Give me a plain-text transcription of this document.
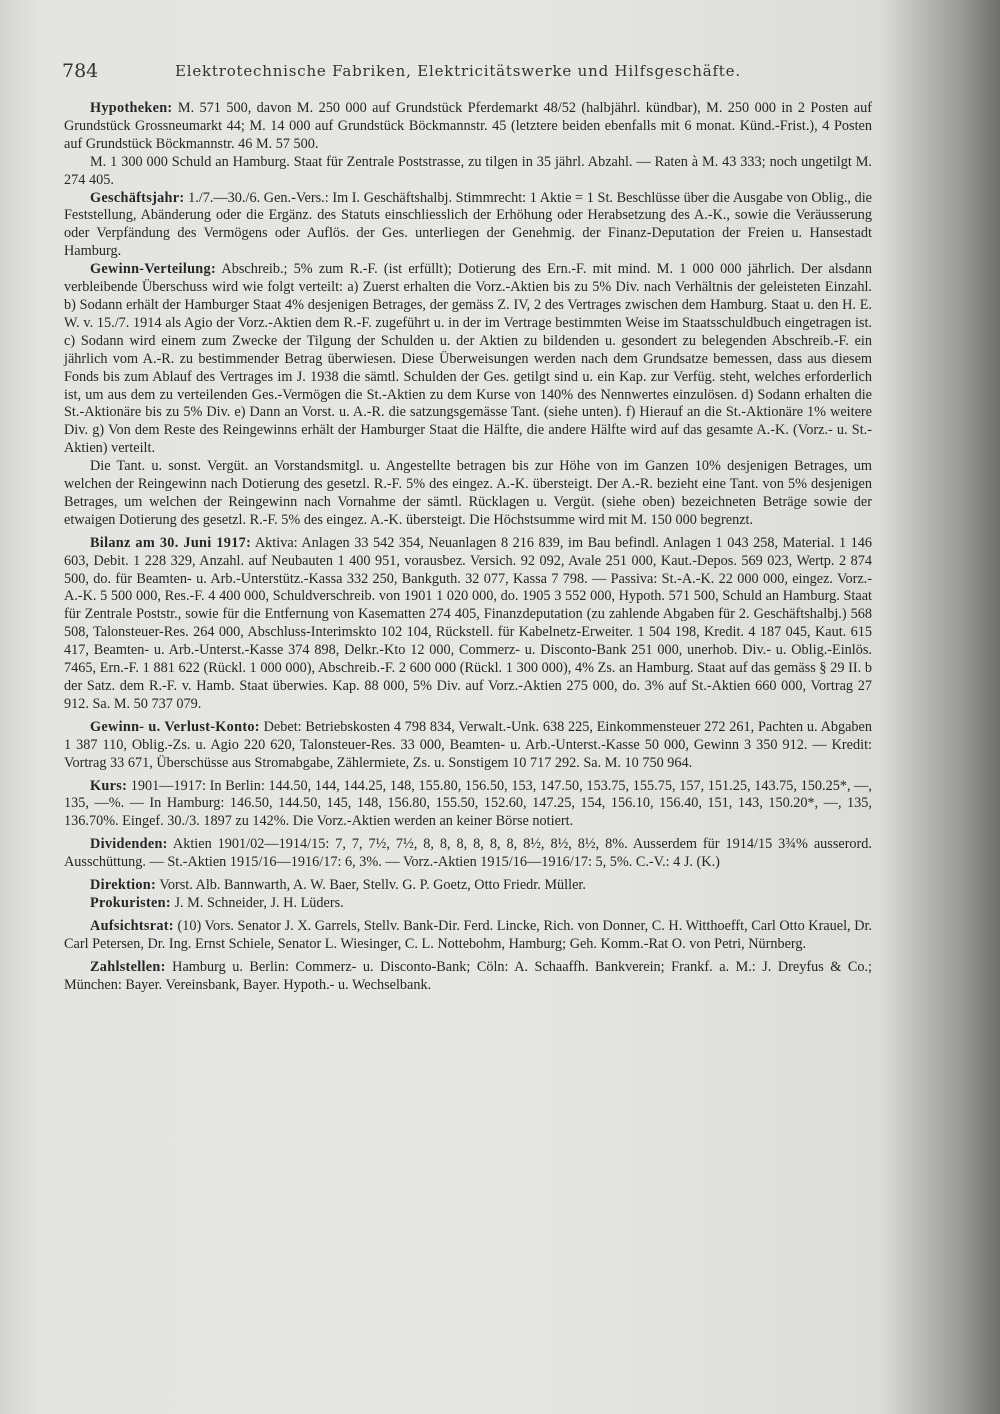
784	Elektrotechnische Fabriken, Elektricitätswerke und Hilfsgeschäfte.

Hypotheken: M. 571 500, davon M. 250 000 auf Grundstück Pferdemarkt 48/52 (halbjährl. kündbar), M. 250 000 in 2 Posten auf Grundstück Grossneumarkt 44; M. 14 000 auf Grundstück Böckmannstr. 45 (letztere beiden ebenfalls mit 6 monat. Künd.-Frist.), 4 Posten auf Grundstück Böckmannstr. 46 M. 57 500.

M. 1 300 000 Schuld an Hamburg. Staat für Zentrale Poststrasse, zu tilgen in 35 jährl. Abzahl. — Raten à M. 43 333; noch ungetilgt M. 274 405.

Geschäftsjahr: 1./7.—30./6. Gen.-Vers.: Im I. Geschäftshalbj. Stimmrecht: 1 Aktie = 1 St. Beschlüsse über die Ausgabe von Oblig., die Feststellung, Abänderung oder die Ergänz. des Statuts einschliesslich der Erhöhung oder Herabsetzung des A.-K., sowie die Veräusserung oder Verpfändung des Vermögens oder Auflös. der Ges. unterliegen der Genehmig. der Finanz-Deputation der Freien u. Hansestadt Hamburg.

Gewinn-Verteilung: Abschreib.; 5% zum R.-F. (ist erfüllt); Dotierung des Ern.-F. mit mind. M. 1 000 000 jährlich. Der alsdann verbleibende Überschuss wird wie folgt verteilt: a) Zuerst erhalten die Vorz.-Aktien bis zu 5% Div. nach Verhältnis der geleisteten Einzahl. b) Sodann erhält der Hamburger Staat 4% desjenigen Betrages, der gemäss Z. IV, 2 des Vertrages zwischen dem Hamburg. Staat u. den H. E. W. v. 15./7. 1914 als Agio der Vorz.-Aktien dem R.-F. zugeführt u. in der im Vertrage bestimmten Weise im Staatsschuldbuch eingetragen ist. c) Sodann wird einem zum Zwecke der Tilgung der Schulden u. der Aktien zu bildenden u. gesondert zu belegenden Abschreib.-F. ein jährlich vom A.-R. zu bestimmender Betrag überwiesen. Diese Überweisungen werden nach dem Grundsatze bemessen, dass aus diesem Fonds bis zum Ablauf des Vertrages im J. 1938 die sämtl. Schulden der Ges. getilgt sind u. ein Kap. zur Verfüg. steht, welches erforderlich ist, um aus dem zu verteilenden Ges.-Vermögen die St.-Aktien zu dem Kurse von 140% des Nennwertes einzulösen. d) Sodann erhalten die St.-Aktionäre bis zu 5% Div. e) Dann an Vorst. u. A.-R. die satzungsgemässe Tant. (siehe unten). f) Hierauf an die St.-Aktionäre 1% weitere Div. g) Von dem Reste des Reingewinns erhält der Hamburger Staat die Hälfte, die andere Hälfte wird auf das gesamte A.-K. (Vorz.- u. St.-Aktien) verteilt.

Die Tant. u. sonst. Vergüt. an Vorstandsmitgl. u. Angestellte betragen bis zur Höhe von im Ganzen 10% desjenigen Betrages, um welchen der Reingewinn nach Dotierung des gesetzl. R.-F. 5% des eingez. A.-K. übersteigt. Der A.-R. bezieht eine Tant. von 5% desjenigen Betrages, um welchen der Reingewinn nach Vornahme der sämtl. Rücklagen u. Vergüt. (siehe oben) bezeichneten Beträge sowie der etwaigen Dotierung des gesetzl. R.-F. 5% des eingez. A.-K. übersteigt. Die Höchstsumme wird mit M. 150 000 begrenzt.

Bilanz am 30. Juni 1917: Aktiva: Anlagen 33 542 354, Neuanlagen 8 216 839, im Bau befindl. Anlagen 1 043 258, Material. 1 146 603, Debit. 1 228 329, Anzahl. auf Neubauten 1 400 951, vorausbez. Versich. 92 092, Avale 251 000, Kaut.-Depos. 569 023, Wertp. 2 874 500, do. für Beamten- u. Arb.-Unterstütz.-Kassa 332 250, Bankguth. 32 077, Kassa 7 798. — Passiva: St.-A.-K. 22 000 000, eingez. Vorz.-A.-K. 5 500 000, Res.-F. 4 400 000, Schuldverschreib. von 1901 1 020 000, do. 1905 3 552 000, Hypoth. 571 500, Schuld an Hamburg. Staat für Zentrale Poststr., sowie für die Entfernung von Kasematten 274 405, Finanzdeputation (zu zahlende Abgaben für 2. Geschäftshalbj.) 568 508, Talonsteuer-Res. 264 000, Abschluss-Interimskto 102 104, Rückstell. für Kabelnetz-Erweiter. 1 504 198, Kredit. 4 187 045, Kaut. 615 417, Beamten- u. Arb.-Unterst.-Kasse 374 898, Delkr.-Kto 12 000, Commerz- u. Disconto-Bank 251 000, unerhob. Div.- u. Oblig.-Einlös. 7465, Ern.-F. 1 881 622 (Rückl. 1 000 000), Abschreib.-F. 2 600 000 (Rückl. 1 300 000), 4% Zs. an Hamburg. Staat auf das gemäss § 29 II. b der Satz. dem R.-F. v. Hamb. Staat überwies. Kap. 88 000, 5% Div. auf Vorz.-Aktien 275 000, do. 3% auf St.-Aktien 660 000, Vortrag 27 912. Sa. M. 50 737 079.

Gewinn- u. Verlust-Konto: Debet: Betriebskosten 4 798 834, Verwalt.-Unk. 638 225, Einkommensteuer 272 261, Pachten u. Abgaben 1 387 110, Oblig.-Zs. u. Agio 220 620, Talonsteuer-Res. 33 000, Beamten- u. Arb.-Unterst.-Kasse 50 000, Gewinn 3 350 912. — Kredit: Vortrag 33 671, Überschüsse aus Stromabgabe, Zählermiete, Zs. u. Sonstigem 10 717 292. Sa. M. 10 750 964.

Kurs: 1901—1917: In Berlin: 144.50, 144, 144.25, 148, 155.80, 156.50, 153, 147.50, 153.75, 155.75, 157, 151.25, 143.75, 150.25*, —, 135, —%. — In Hamburg: 146.50, 144.50, 145, 148, 156.80, 155.50, 152.60, 147.25, 154, 156.10, 156.40, 151, 143, 150.20*, —, 135, 136.70%. Eingef. 30./3. 1897 zu 142%. Die Vorz.-Aktien werden an keiner Börse notiert.

Dividenden: Aktien 1901/02—1914/15: 7, 7, 7½, 7½, 8, 8, 8, 8, 8, 8, 8½, 8½, 8½, 8%. Ausserdem für 1914/15 3¾% ausserord. Ausschüttung. — St.-Aktien 1915/16—1916/17: 6, 3%. — Vorz.-Aktien 1915/16—1916/17: 5, 5%. C.-V.: 4 J. (K.)

Direktion: Vorst. Alb. Bannwarth, A. W. Baer, Stellv. G. P. Goetz, Otto Friedr. Müller.

Prokuristen: J. M. Schneider, J. H. Lüders.

Aufsichtsrat: (10) Vors. Senator J. X. Garrels, Stellv. Bank-Dir. Ferd. Lincke, Rich. von Donner, C. H. Witthoefft, Carl Otto Krauel, Dr. Carl Petersen, Dr. Ing. Ernst Schiele, Senator L. Wiesinger, C. L. Nottebohm, Hamburg; Geh. Komm.-Rat O. von Petri, Nürnberg.

Zahlstellen: Hamburg u. Berlin: Commerz- u. Disconto-Bank; Cöln: A. Schaaffh. Bankverein; Frankf. a. M.: J. Dreyfus & Co.; München: Bayer. Vereinsbank, Bayer. Hypoth.- u. Wechselbank.
